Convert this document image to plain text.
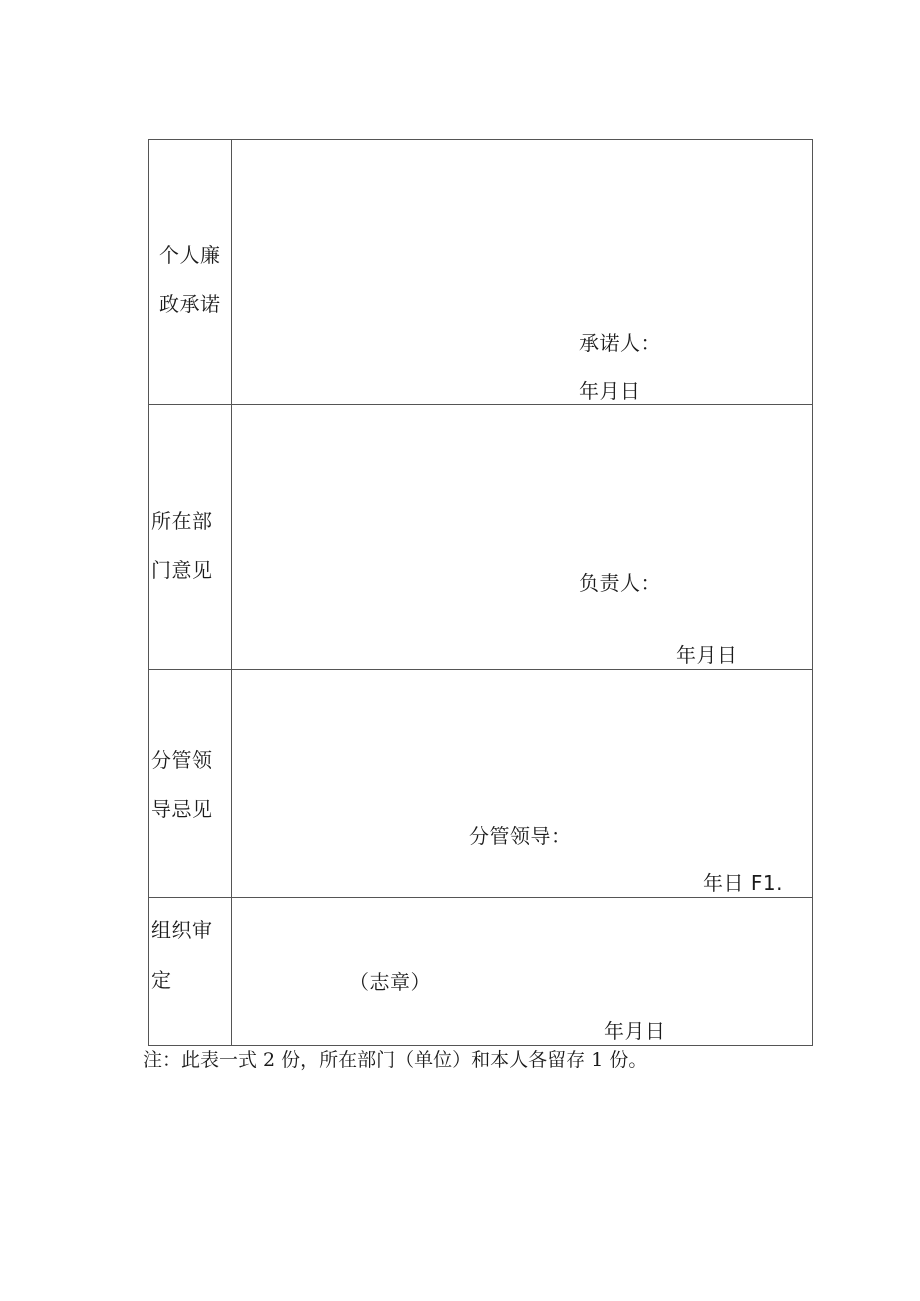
个人廉
政承诺
承诺人：
年月日
所在部
门意见
负责人：
年月日
分管领
导忌见
分管领导：
年日 F1.
组织审
定	（志章）
年月日
注：此表一式 2 份，所在部门（单位）和本人各留存 1 份。
